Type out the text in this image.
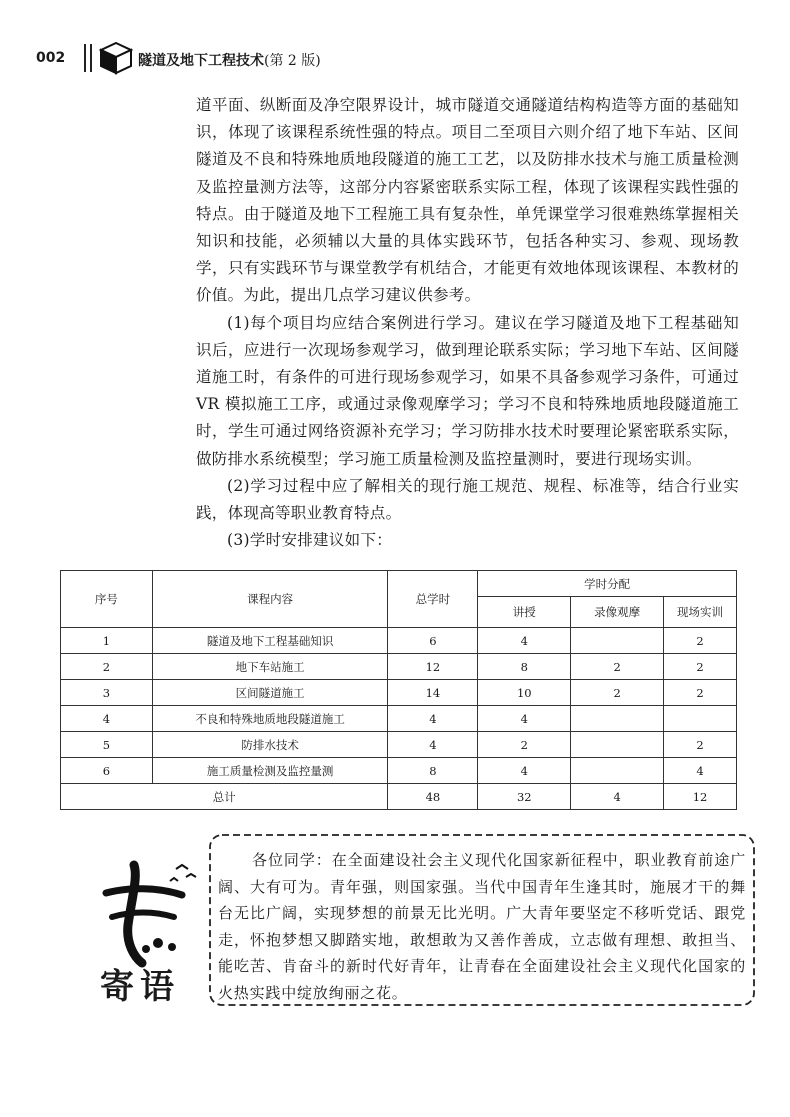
002	隧道及地下工程技术(第 2 版)

道平面、纵断面及净空限界设计，城市隧道交通隧道结构构造等方面的基础知识，体现了该课程系统性强的特点。项目二至项目六则介绍了地下车站、区间隧道及不良和特殊地质地段隧道的施工工艺，以及防排水技术与施工质量检测及监控量测方法等，这部分内容紧密联系实际工程，体现了该课程实践性强的特点。由于隧道及地下工程施工具有复杂性，单凭课堂学习很难熟练掌握相关知识和技能，必须辅以大量的具体实践环节，包括各种实习、参观、现场教学，只有实践环节与课堂教学有机结合，才能更有效地体现该课程、本教材的价值。为此，提出几点学习建议供参考。

(1)每个项目均应结合案例进行学习。建议在学习隧道及地下工程基础知识后，应进行一次现场参观学习，做到理论联系实际；学习地下车站、区间隧道施工时，有条件的可进行现场参观学习，如果不具备参观学习条件，可通过 VR 模拟施工工序，或通过录像观摩学习；学习不良和特殊地质地段隧道施工时，学生可通过网络资源补充学习；学习防排水技术时要理论紧密联系实际，做防排水系统模型；学习施工质量检测及监控量测时，要进行现场实训。

(2)学习过程中应了解相关的现行施工规范、规程、标准等，结合行业实践，体现高等职业教育特点。

(3)学时安排建议如下：

序号	课程内容	总学时	学时分配		
			讲授	录像观摩	现场实训
1	隧道及地下工程基础知识	6	4		2
2	地下车站施工	12	8	2	2
3	区间隧道施工	14	10	2	2
4	不良和特殊地质地段隧道施工	4	4		
5	防排水技术	4	2		2
6	施工质量检测及监控量测	8	4		4
总计		48	32	4	12
寄语
各位同学：在全面建设社会主义现代化国家新征程中，职业教育前途广阔、大有可为。青年强，则国家强。当代中国青年生逢其时，施展才干的舞台无比广阔，实现梦想的前景无比光明。广大青年要坚定不移听党话、跟党走，怀抱梦想又脚踏实地，敢想敢为又善作善成，立志做有理想、敢担当、能吃苦、肯奋斗的新时代好青年，让青春在全面建设社会主义现代化国家的火热实践中绽放绚丽之花。
